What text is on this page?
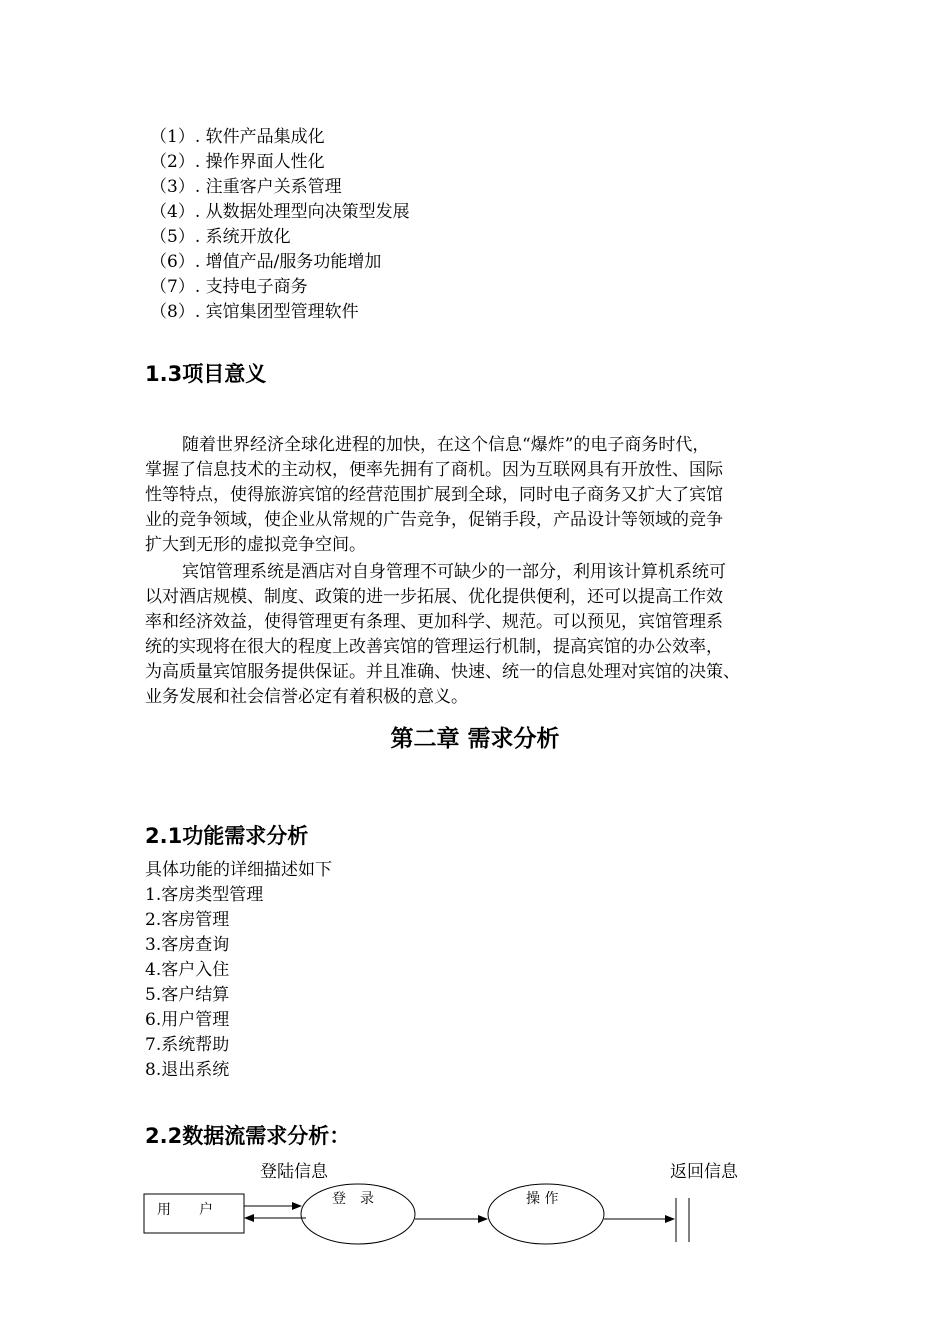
（1）. 软件产品集成化
（2）. 操作界面人性化
（3）. 注重客户关系管理
（4）. 从数据处理型向决策型发展
（5）. 系统开放化
（6）. 增值产品/服务功能增加
（7）. 支持电子商务
（8）. 宾馆集团型管理软件
1.3项目意义
随着世界经济全球化进程的加快，在这个信息“爆炸”的电子商务时代，
掌握了信息技术的主动权，便率先拥有了商机。因为互联网具有开放性、国际
性等特点，使得旅游宾馆的经营范围扩展到全球，同时电子商务又扩大了宾馆
业的竞争领域，使企业从常规的广告竞争，促销手段，产品设计等领域的竞争
扩大到无形的虚拟竞争空间。
宾馆管理系统是酒店对自身管理不可缺少的一部分，利用该计算机系统可
以对酒店规模、制度、政策的进一步拓展、优化提供便利，还可以提高工作效
率和经济效益，使得管理更有条理、更加科学、规范。可以预见，宾馆管理系
统的实现将在很大的程度上改善宾馆的管理运行机制，提高宾馆的办公效率，
为高质量宾馆服务提供保证。并且准确、快速、统一的信息处理对宾馆的决策、
业务发展和社会信誉必定有着积极的意义。
第二章 需求分析
2.1功能需求分析
具体功能的详细描述如下
1.客房类型管理
2.客房管理
3.客房查询
4.客户入住
5.客户结算
6.用户管理
7.系统帮助
8.退出系统
2.2数据流需求分析：
登陆信息	返回信息
用　　户
登　录	操 作
